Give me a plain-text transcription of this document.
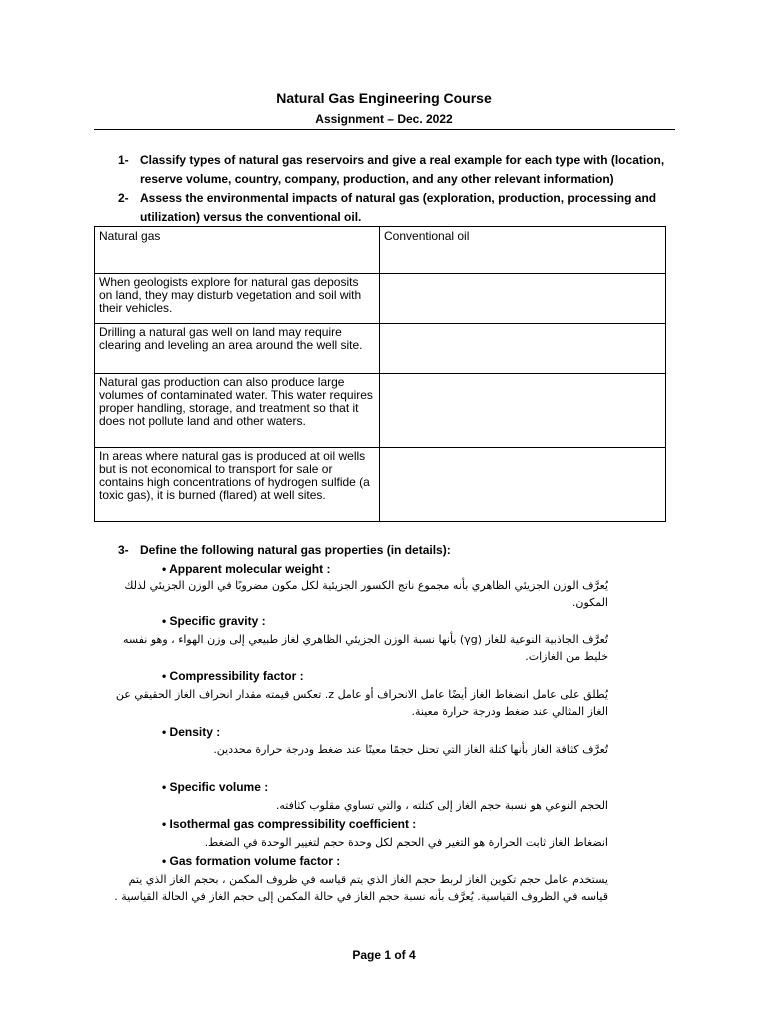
Natural Gas Engineering Course
Assignment – Dec. 2022
1- Classify types of natural gas reservoirs and give a real example for each type with (location, reserve volume, country, company, production, and any other relevant information)
2- Assess the environmental impacts of natural gas (exploration, production, processing and utilization) versus the conventional oil.
Natural gas	Conventional oil
When geologists explore for natural gas deposits on land, they may disturb vegetation and soil with their vehicles.	
Drilling a natural gas well on land may require clearing and leveling an area around the well site.	
Natural gas production can also produce large volumes of contaminated water. This water requires proper handling, storage, and treatment so that it does not pollute land and other waters.	
In areas where natural gas is produced at oil wells but is not economical to transport for sale or contains high concentrations of hydrogen sulfide (a toxic gas), it is burned (flared) at well sites.	
3- Define the following natural gas properties (in details):
• Apparent molecular weight :
يُعرَّف الوزن الجزيئي الظاهري بأنه مجموع ناتج الكسور الجزيئية لكل مكون مضروبًا في الوزن الجزيئي لذلك المكون.
• Specific gravity :
تُعرَّف الجاذبية النوعية للغاز (γg) بأنها نسبة الوزن الجزيئي الظاهري لغاز طبيعي إلى وزن الهواء ، وهو نفسه خليط من الغازات.
• Compressibility factor :
يُطلق على عامل انضغاط الغاز أيضًا عامل الانحراف أو عامل z. تعكس قيمته مقدار انحراف الغاز الحقيقي عن الغاز المثالي عند ضغط ودرجة حرارة معينة.
• Density :
تُعرَّف كثافة الغاز بأنها كتلة الغاز التي تحتل حجمًا معينًا عند ضغط ودرجة حرارة محددين.
• Specific volume :
الحجم النوعي هو نسبة حجم الغاز إلى كتلته ، والتي تساوي مقلوب كثافته.
• Isothermal gas compressibility coefficient :
انضغاط الغاز ثابت الحرارة هو التغير في الحجم لكل وحدة حجم لتغيير الوحدة في الضغط.
• Gas formation volume factor :
يستخدم عامل حجم تكوين الغاز لربط حجم الغاز الذي يتم قياسه في ظروف المكمن ، بحجم الغاز الذي يتم قياسه في الظروف القياسية. يُعرَّف بأنه نسبة حجم الغاز في حالة المكمن إلى حجم الغاز في الحالة القياسية .
Page 1 of 4
